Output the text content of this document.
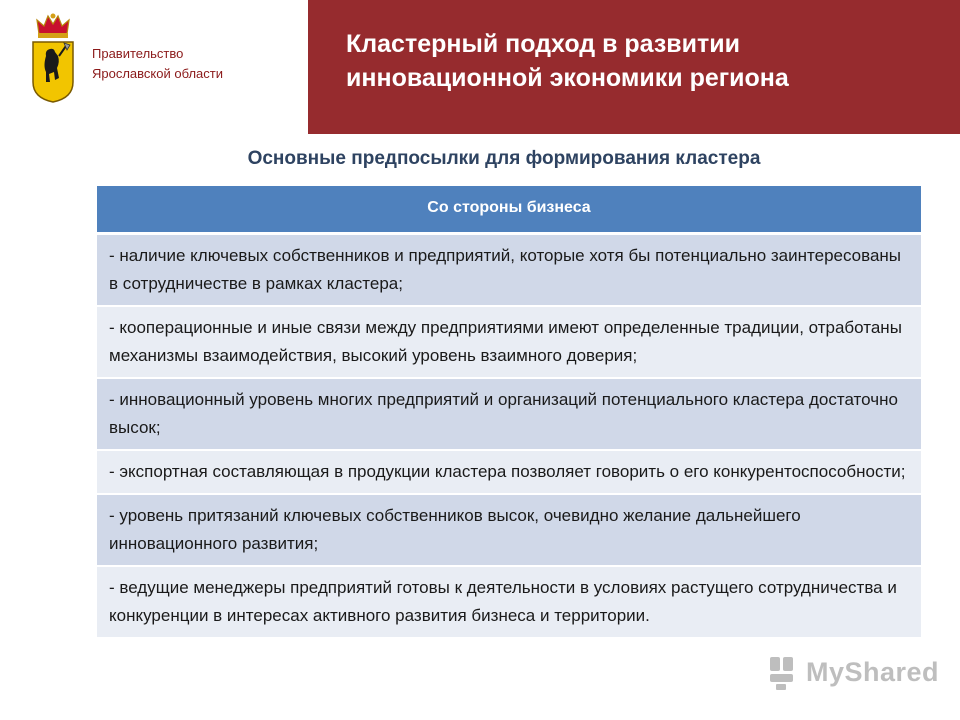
Правительство
Ярославской области
Кластерный подход в развитии
инновационной экономики региона
Основные предпосылки для формирования кластера
Со стороны бизнеса
- наличие ключевых собственников и предприятий, которые хотя бы потенциально заинтересованы в сотрудничестве в рамках кластера;
- кооперационные и иные связи между предприятиями имеют определенные традиции, отработаны механизмы взаимодействия, высокий уровень взаимного доверия;
- инновационный уровень многих предприятий и организаций потенциального кластера достаточно высок;
- экспортная составляющая в продукции кластера позволяет говорить о его конкурентоспособности;
- уровень притязаний ключевых собственников высок, очевидно желание дальнейшего инновационного развития;
- ведущие менеджеры предприятий готовы к деятельности в условиях растущего сотрудничества и конкуренции в интересах активного развития бизнеса и территории.
MyShared
